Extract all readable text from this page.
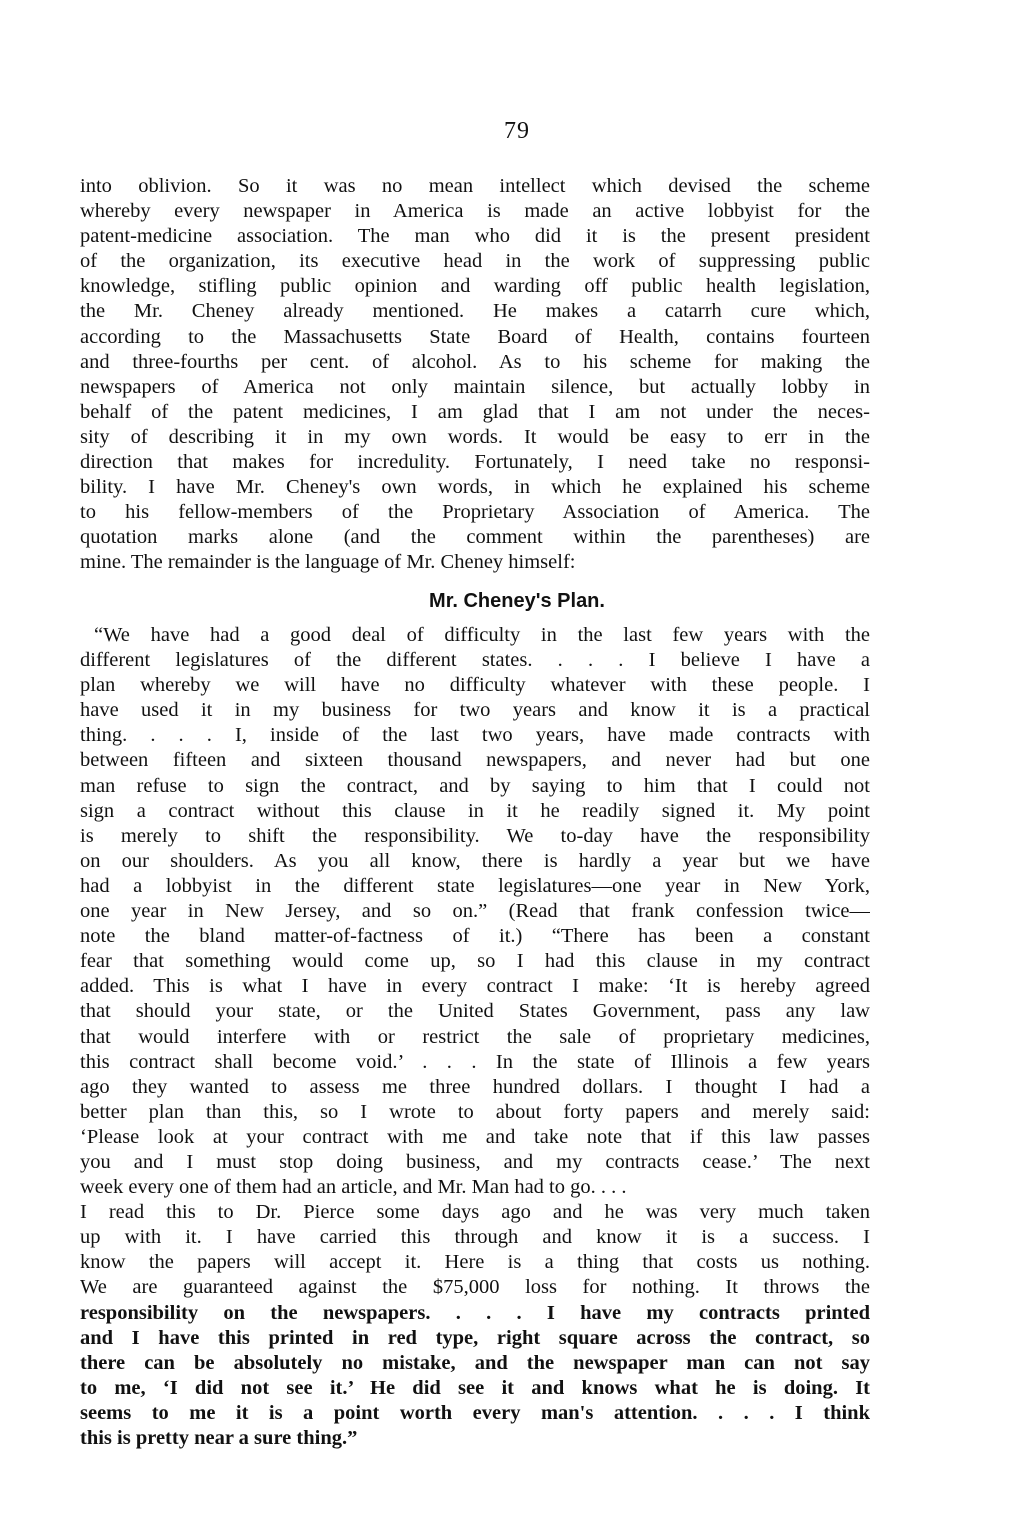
79
into oblivion. So it was no mean intellect which devised the scheme
whereby every newspaper in America is made an active lobbyist for the
patent-medicine association. The man who did it is the present president
of the organization, its executive head in the work of suppressing public
knowledge, stifling public opinion and warding off public health legislation,
the Mr. Cheney already mentioned. He makes a catarrh cure which,
according to the Massachusetts State Board of Health, contains fourteen
and three-fourths per cent. of alcohol. As to his scheme for making the
newspapers of America not only maintain silence, but actually lobby in
behalf of the patent medicines, I am glad that I am not under the neces-
sity of describing it in my own words. It would be easy to err in the
direction that makes for incredulity. Fortunately, I need take no responsi-
bility. I have Mr. Cheney's own words, in which he explained his scheme
to his fellow-members of the Proprietary Association of America. The
quotation marks alone (and the comment within the parentheses) are
mine. The remainder is the language of Mr. Cheney himself:
Mr. Cheney's Plan.
“We have had a good deal of difficulty in the last few years with the
different legislatures of the different states. . . . I believe I have a
plan whereby we will have no difficulty whatever with these people. I
have used it in my business for two years and know it is a practical
thing. . . . I, inside of the last two years, have made contracts with
between fifteen and sixteen thousand newspapers, and never had but one
man refuse to sign the contract, and by saying to him that I could not
sign a contract without this clause in it he readily signed it. My point
is merely to shift the responsibility. We to-day have the responsibility
on our shoulders. As you all know, there is hardly a year but we have
had a lobbyist in the different state legislatures—one year in New York,
one year in New Jersey, and so on.” (Read that frank confession twice—
note the bland matter-of-factness of it.) “There has been a constant
fear that something would come up, so I had this clause in my contract
added. This is what I have in every contract I make: ‘It is hereby agreed
that should your state, or the United States Government, pass any law
that would interfere with or restrict the sale of proprietary medicines,
this contract shall become void.’ . . . In the state of Illinois a few years
ago they wanted to assess me three hundred dollars. I thought I had a
better plan than this, so I wrote to about forty papers and merely said:
‘Please look at your contract with me and take note that if this law passes
you and I must stop doing business, and my contracts cease.’ The next
week every one of them had an article, and Mr. Man had to go. . . .
I read this to Dr. Pierce some days ago and he was very much taken
up with it. I have carried this through and know it is a success. I
know the papers will accept it. Here is a thing that costs us nothing.
We are guaranteed against the $75,000 loss for nothing. It throws the
responsibility on the newspapers. . . . I have my contracts printed
and I have this printed in red type, right square across the contract, so
there can be absolutely no mistake, and the newspaper man can not say
to me, ‘I did not see it.’ He did see it and knows what he is doing. It
seems to me it is a point worth every man's attention. . . . I think
this is pretty near a sure thing.”
